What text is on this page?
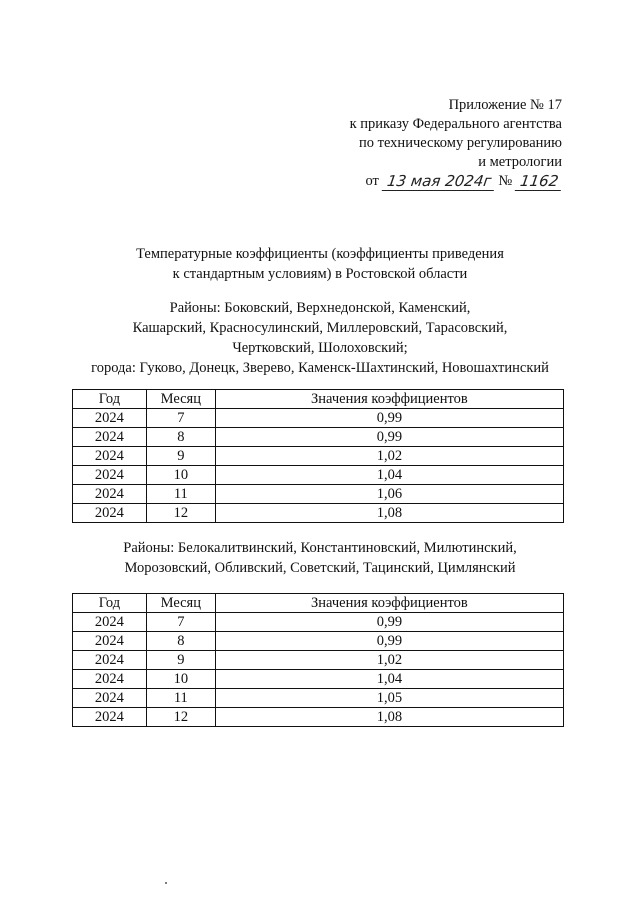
Приложение № 17
к приказу Федерального агентства
по техническому регулированию
и метрологии
от
13 мая 2024г
№
1162
Температурные коэффициенты (коэффициенты приведения
к стандартным условиям) в Ростовской области
Районы: Боковский, Верхнедонской, Каменский,
Кашарский, Красносулинский, Миллеровский, Тарасовский,
Чертковский, Шолоховский;
города: Гуково, Донецк, Зверево, Каменск-Шахтинский, Новошахтинский
Год	Месяц	Значения коэффициентов
2024	7	0,99
2024	8	0,99
2024	9	1,02
2024	10	1,04
2024	11	1,06
2024	12	1,08
Районы: Белокалитвинский, Константиновский, Милютинский,
Морозовский, Обливский, Советский, Тацинский, Цимлянский
Год	Месяц	Значения коэффициентов
2024	7	0,99
2024	8	0,99
2024	9	1,02
2024	10	1,04
2024	11	1,05
2024	12	1,08
